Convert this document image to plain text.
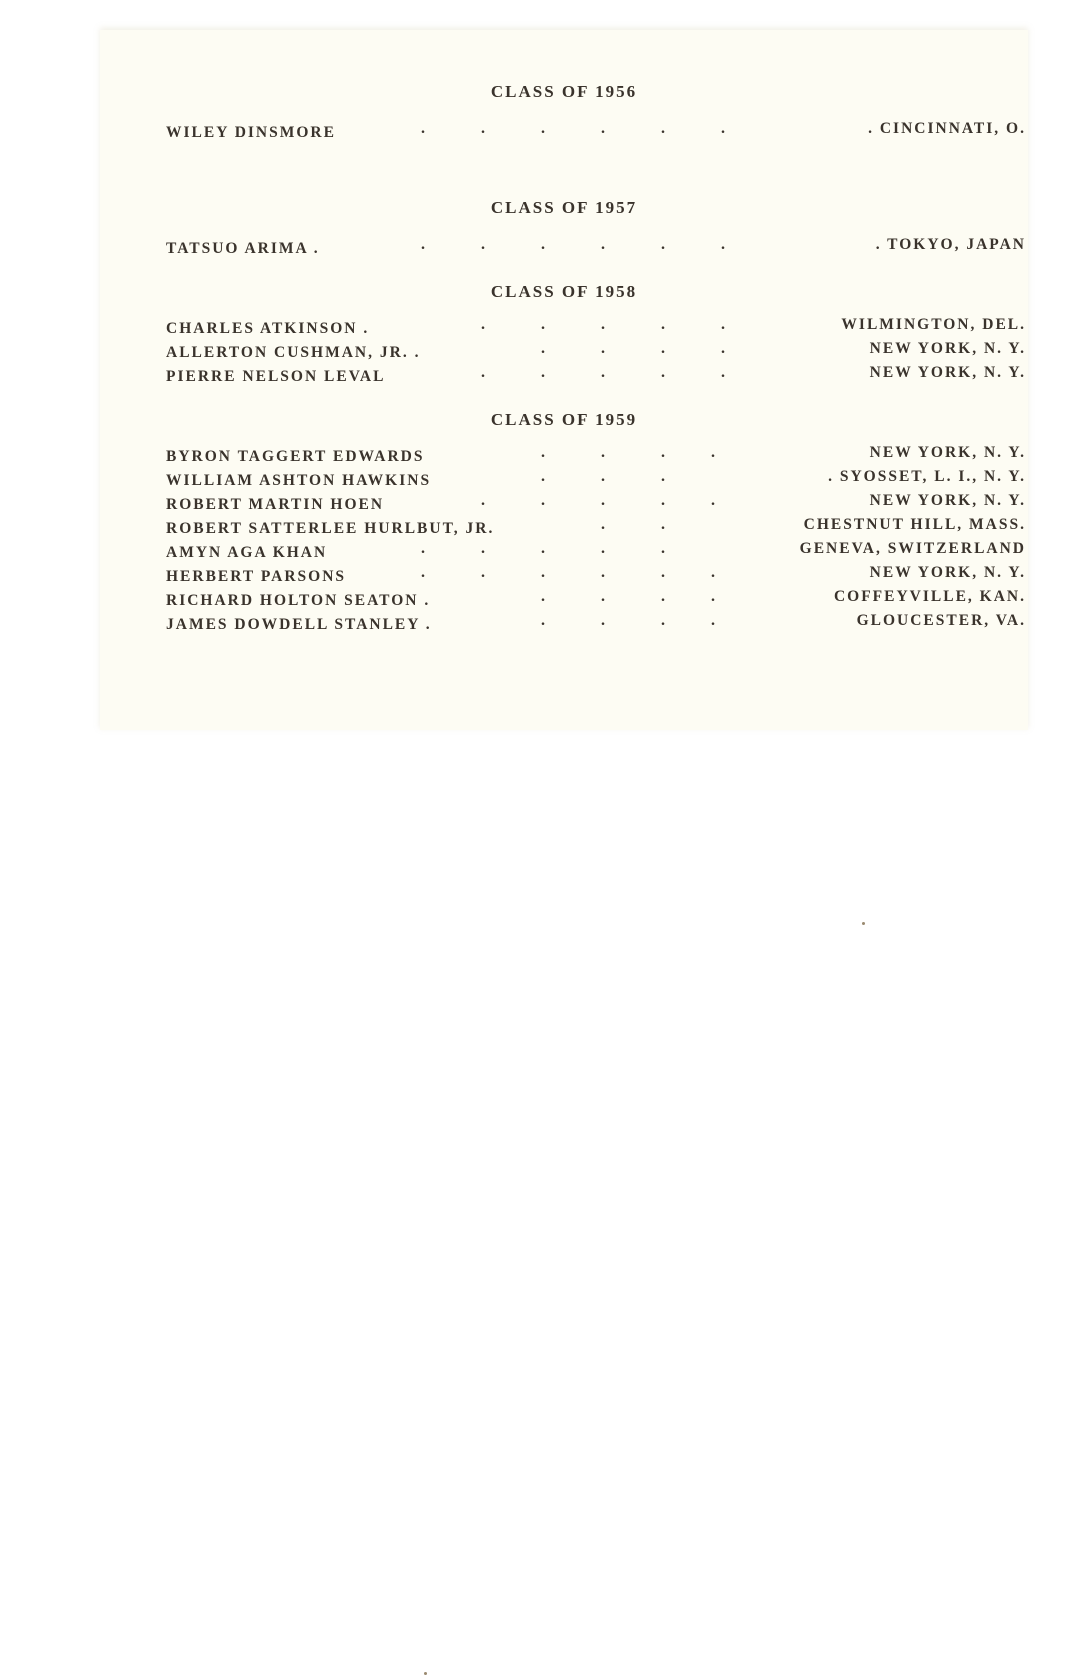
CLASS OF 1956
WILEY DINSMORE	.	.	.	.	.	.	. CINCINNATI, O.
CLASS OF 1957
TATSUO ARIMA .	.	.	.	.	.	.	. TOKYO, JAPAN
CLASS OF 1958
CHARLES ATKINSON .	.	.	.	.	.	WILMINGTON, DEL.
ALLERTON CUSHMAN, JR. .	.	.	.	.	NEW YORK, N. Y.
PIERRE NELSON LEVAL	.	.	.	.	.	NEW YORK, N. Y.
CLASS OF 1959
BYRON TAGGERT EDWARDS	.	.	.	.	NEW YORK, N. Y.
WILLIAM ASHTON HAWKINS	.	.	.	. SYOSSET, L. I., N. Y.
ROBERT MARTIN HOEN	.	.	.	.	.	NEW YORK, N. Y.
ROBERT SATTERLEE HURLBUT, JR.	.	.	CHESTNUT HILL, MASS.
AMYN AGA KHAN	.	.	.	.	.	GENEVA, SWITZERLAND
HERBERT PARSONS	.	.	.	.	.	.	NEW YORK, N. Y.
RICHARD HOLTON SEATON .	.	.	.	.	COFFEYVILLE, KAN.
JAMES DOWDELL STANLEY .	.	.	.	.	GLOUCESTER, VA.
